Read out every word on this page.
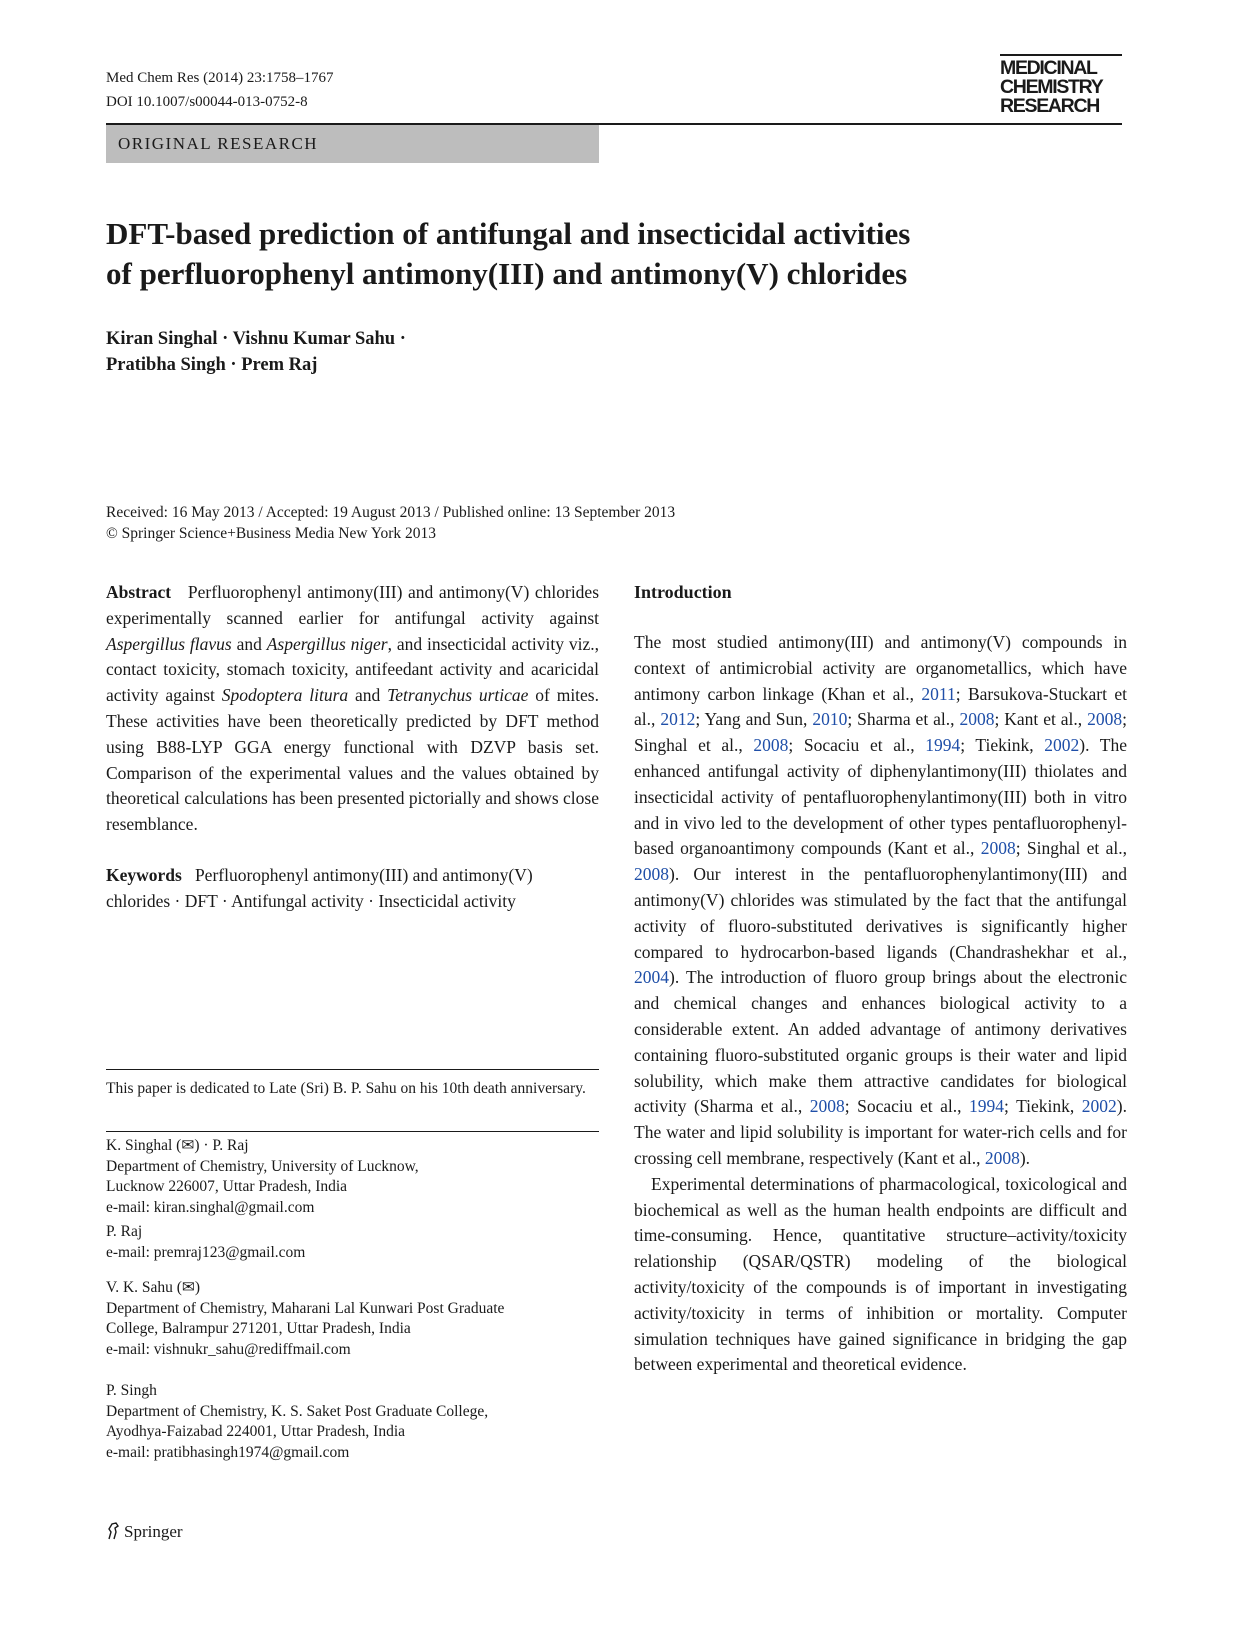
Med Chem Res (2014) 23:1758–1767
DOI 10.1007/s00044-013-0752-8
MEDICINAL
CHEMISTRY
RESEARCH
ORIGINAL RESEARCH
DFT-based prediction of antifungal and insecticidal activities
of perfluorophenyl antimony(III) and antimony(V) chlorides
Kiran Singhal · Vishnu Kumar Sahu ·
Pratibha Singh · Prem Raj
Received: 16 May 2013 / Accepted: 19 August 2013 / Published online: 13 September 2013
© Springer Science+Business Media New York 2013

Abstract Perfluorophenyl antimony(III) and antimony(V) chlorides experimentally scanned earlier for antifungal activity against Aspergillus flavus and Aspergillus niger, and insecticidal activity viz., contact toxicity, stomach toxicity, antifeedant activity and acaricidal activity against Spodoptera litura and Tetranychus urticae of mites. These activities have been theoretically predicted by DFT method using B88-LYP GGA energy functional with DZVP basis set. Comparison of the experimental values and the values obtained by theoretical calculations has been presented pictorially and shows close resemblance.

Keywords Perfluorophenyl antimony(III) and antimony(V) chlorides · DFT · Antifungal activity · Insecticidal activity

This paper is dedicated to Late (Sri) B. P. Sahu on his 10th death anniversary.
K. Singhal (✉) · P. Raj
Department of Chemistry, University of Lucknow,
Lucknow 226007, Uttar Pradesh, India
e-mail: kiran.singhal@gmail.com
P. Raj
e-mail: premraj123@gmail.com
V. K. Sahu (✉)
Department of Chemistry, Maharani Lal Kunwari Post Graduate
College, Balrampur 271201, Uttar Pradesh, India
e-mail: vishnukr_sahu@rediffmail.com
P. Singh
Department of Chemistry, K. S. Saket Post Graduate College,
Ayodhya-Faizabad 224001, Uttar Pradesh, India
e-mail: pratibhasingh1974@gmail.com

Introduction

The most studied antimony(III) and antimony(V) compounds in context of antimicrobial activity are organometallics, which have antimony carbon linkage (Khan et al., 2011; Barsukova-Stuckart et al., 2012; Yang and Sun, 2010; Sharma et al., 2008; Kant et al., 2008; Singhal et al., 2008; Socaciu et al., 1994; Tiekink, 2002). The enhanced antifungal activity of diphenylantimony(III) thiolates and insecticidal activity of pentafluorophenylantimony(III) both in vitro and in vivo led to the development of other types pentafluorophenyl-based organoantimony compounds (Kant et al., 2008; Singhal et al., 2008). Our interest in the pentafluorophenylantimony(III) and antimony(V) chlorides was stimulated by the fact that the antifungal activity of fluoro-substituted derivatives is significantly higher compared to hydrocarbon-based ligands (Chandrashekhar et al., 2004). The introduction of fluoro group brings about the electronic and chemical changes and enhances biological activity to a considerable extent. An added advantage of antimony derivatives containing fluoro-substituted organic groups is their water and lipid solubility, which make them attractive candidates for biological activity (Sharma et al., 2008; Socaciu et al., 1994; Tiekink, 2002). The water and lipid solubility is important for water-rich cells and for crossing cell membrane, respectively (Kant et al., 2008).

Experimental determinations of pharmacological, toxicological and biochemical as well as the human health endpoints are difficult and time-consuming. Hence, quantitative structure–activity/toxicity relationship (QSAR/QSTR) modeling of the biological activity/toxicity of the compounds is of important in investigating activity/toxicity in terms of inhibition or mortality. Computer simulation techniques have gained significance in bridging the gap between experimental and theoretical evidence.

Springer
